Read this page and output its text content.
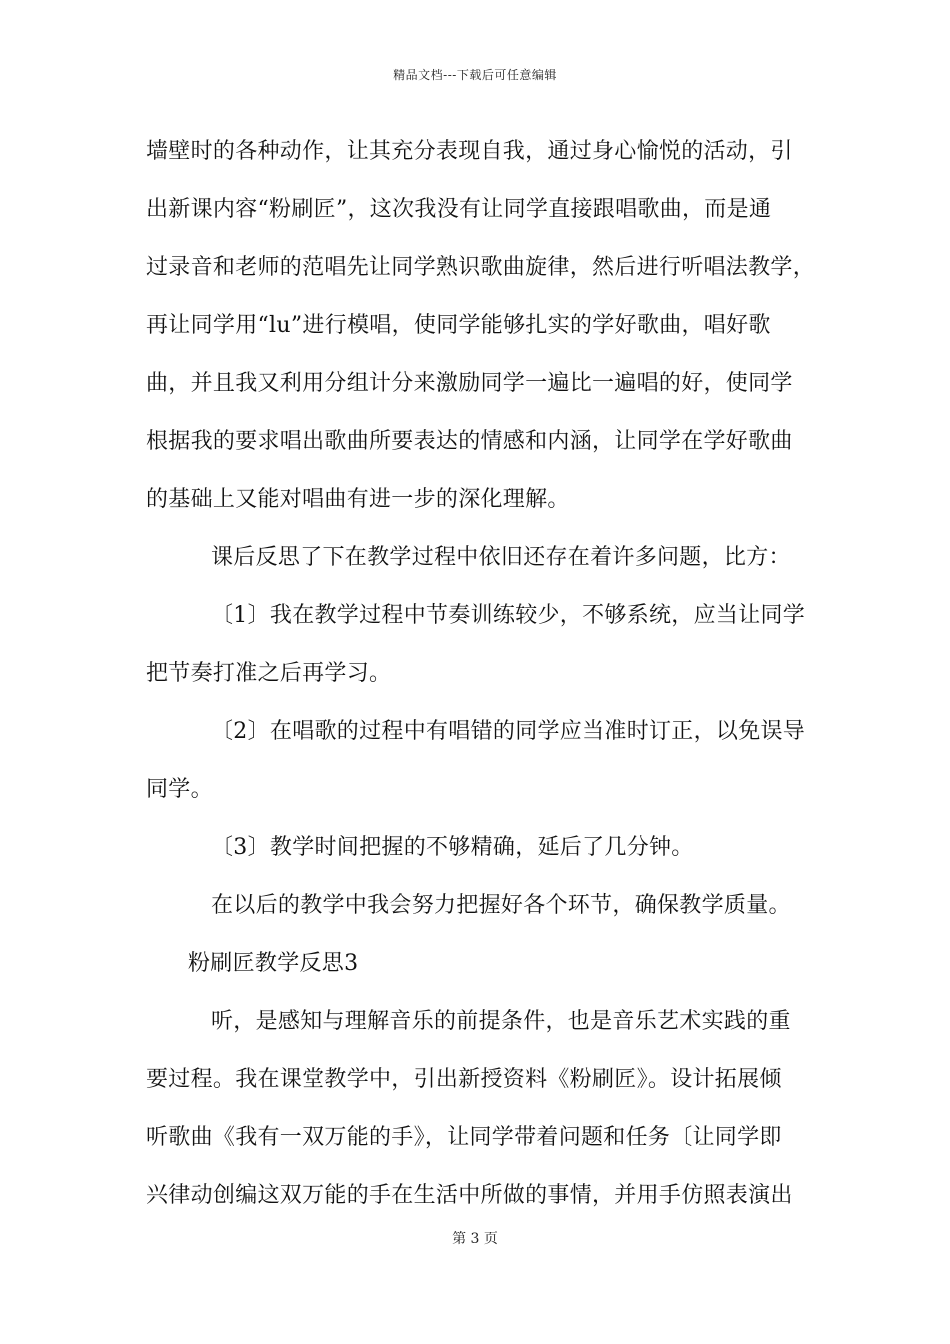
精品文档---下载后可任意编辑
墙壁时的各种动作，让其充分表现自我，通过身心愉悦的活动，引
出新课内容“粉刷匠”，这次我没有让同学直接跟唱歌曲，而是通
过录音和老师的范唱先让同学熟识歌曲旋律，然后进行听唱法教学，
再让同学用“lu”进行模唱，使同学能够扎实的学好歌曲，唱好歌
曲，并且我又利用分组计分来激励同学一遍比一遍唱的好，使同学
根据我的要求唱出歌曲所要表达的情感和内涵，让同学在学好歌曲
的基础上又能对唱曲有进一步的深化理解。
课后反思了下在教学过程中依旧还存在着许多问题，比方：
〔1〕我在教学过程中节奏训练较少，不够系统，应当让同学
把节奏打准之后再学习。
〔2〕在唱歌的过程中有唱错的同学应当准时订正，以免误导
同学。
〔3〕教学时间把握的不够精确，延后了几分钟。
在以后的教学中我会努力把握好各个环节，确保教学质量。
粉刷匠教学反思3
听，是感知与理解音乐的前提条件，也是音乐艺术实践的重
要过程。我在课堂教学中，引出新授资料《粉刷匠》。设计拓展倾
听歌曲《我有一双万能的手》，让同学带着问题和任务〔让同学即
兴律动创编这双万能的手在生活中所做的事情，并用手仿照表演出
第 3 页
